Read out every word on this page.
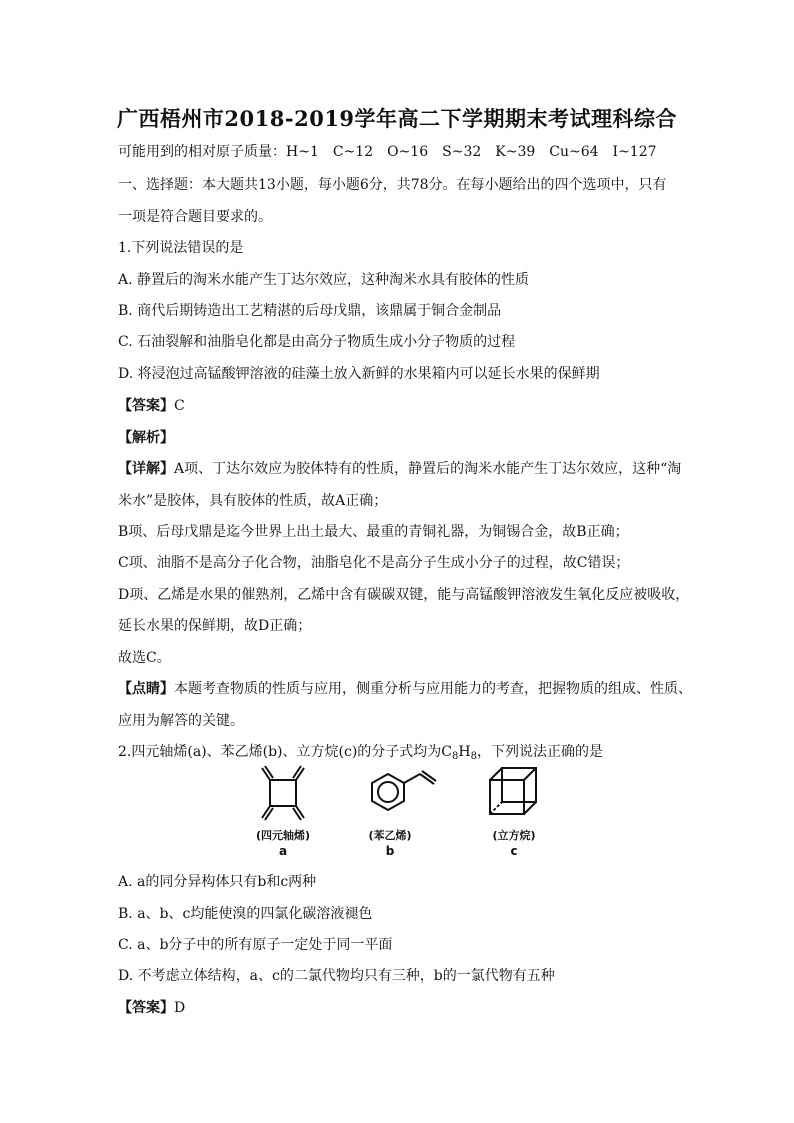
广西梧州市2018-2019学年高二下学期期末考试理科综合
可能用到的相对原子质量：H~1　C~12　O~16　S~32　K~39　Cu~64　I~127
一、选择题：本大题共13小题，每小题6分，共78分。在每小题给出的四个选项中，只有
一项是符合题目要求的。
1.下列说法错误的是
A. 静置后的淘米水能产生丁达尔效应，这种淘米水具有胶体的性质
B. 商代后期铸造出工艺精湛的后母戊鼎，该鼎属于铜合金制品
C. 石油裂解和油脂皂化都是由高分子物质生成小分子物质的过程
D. 将浸泡过高锰酸钾溶液的硅藻土放入新鲜的水果箱内可以延长水果的保鲜期
【答案】C
【解析】
【详解】A项、丁达尔效应为胶体特有的性质，静置后的淘米水能产生丁达尔效应，这种“淘
米水”是胶体，具有胶体的性质，故A正确；
B项、后母戊鼎是迄今世界上出土最大、最重的青铜礼器，为铜锡合金，故B正确；
C项、油脂不是高分子化合物，油脂皂化不是高分子生成小分子的过程，故C错误；
D项、乙烯是水果的催熟剂，乙烯中含有碳碳双键，能与高锰酸钾溶液发生氧化反应被吸收，
延长水果的保鲜期，故D正确；
故选C。
【点睛】本题考查物质的性质与应用，侧重分析与应用能力的考查，把握物质的组成、性质、
应用为解答的关键。
2.四元轴烯(a)、苯乙烯(b)、立方烷(c)的分子式均为$C_8H_8$，下列说法正确的是
(四元轴烯)
a
(苯乙烯)
b
(立方烷)
c
A. a的同分异构体只有b和c两种
B. a、b、c均能使溴的四氯化碳溶液褪色
C. a、b分子中的所有原子一定处于同一平面
D. 不考虑立体结构，a、c的二氯代物均只有三种，b的一氯代物有五种
【答案】D
